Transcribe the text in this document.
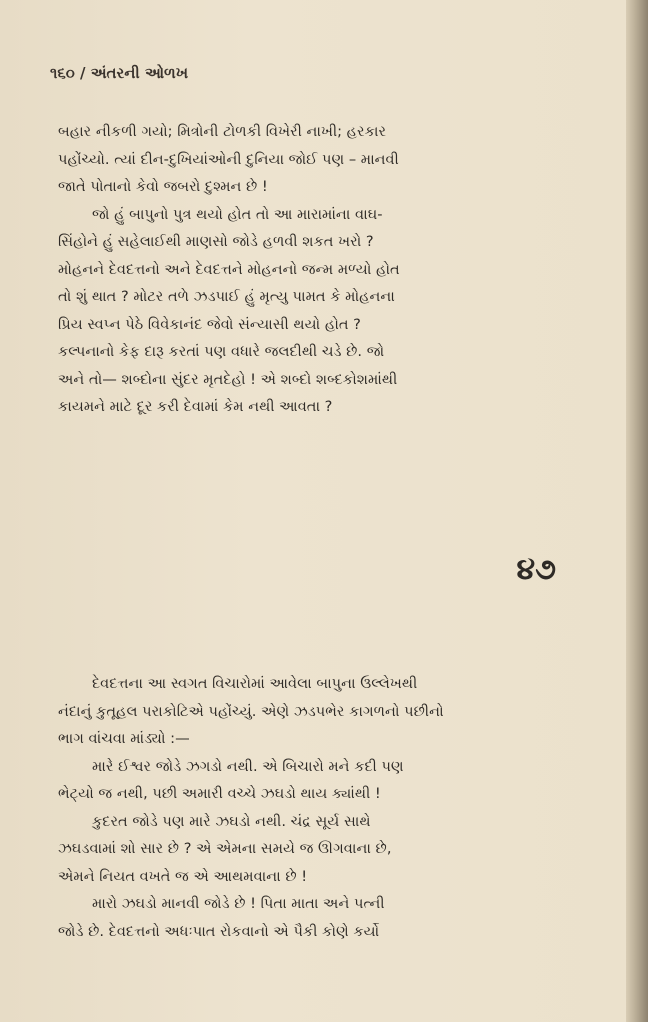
૧૬૦ / અંતરની ઓળખ

બહાર નીકળી ગયો; મિત્રોની ટોળકી વિખેરી નાખી; હરકાર

પહોંચ્યો. ત્યાં દીન-દુખિયાંઓની દુનિયા જોઈ પણ – માનવી

જાતે પોતાનો કેવો જબરો દુશ્મન છે !

જો હું બાપુનો પુત્ર થયો હોત તો આ મારામાંના વાઘ-

સિંહોને હું સહેલાઈથી માણસો જોડે હળવી શકત ખરો ?

મોહનને દેવદત્તનો અને દેવદત્તને મોહનનો જન્મ મળ્યો હોત

તો શું થાત ? મોટર તળે ઝડપાઈ હું મૃત્યુ પામત કે મોહનના

પ્રિય સ્વપ્ન પેઠે વિવેકાનંદ જેવો સંન્યાસી થયો હોત ?

કલ્પનાનો કેફ દારૂ કરતાં પણ વધારે જલદીથી ચડે છે. જો

અને તો— શબ્દોના સુંદર મૃતદેહો ! એ શબ્દો શબ્દકોશમાંથી

કાયમને માટે દૂર કરી દેવામાં કેમ નથી આવતા ?

૪૭

દેવદત્તના આ સ્વગત વિચારોમાં આવેલા બાપુના ઉલ્લેખથી

નંદાનું કુતૂહલ પરાકોટિએ પહોંચ્યું. એણે ઝડપભેર કાગળનો પછીનો

ભાગ વાંચવા માંડ્યો :—

મારે ઈશ્વર જોડે ઝગડો નથી. એ બિચારો મને કદી પણ

ભેટ્યો જ નથી, પછી અમારી વચ્ચે ઝઘડો થાય ક્યાંથી !

કુદરત જોડે પણ મારે ઝઘડો નથી. ચંદ્ર સૂર્ય સાથે

ઝઘડવામાં શો સાર છે ? એ એમના સમયે જ ઊગવાના છે,

એમને નિયત વખતે જ એ આથમવાના છે !

મારો ઝઘડો માનવી જોડે છે ! પિતા માતા અને પત્ની

જોડે છે. દેવદત્તનો અધઃપાત રોકવાનો એ પૈકી કોણે કર્યો
